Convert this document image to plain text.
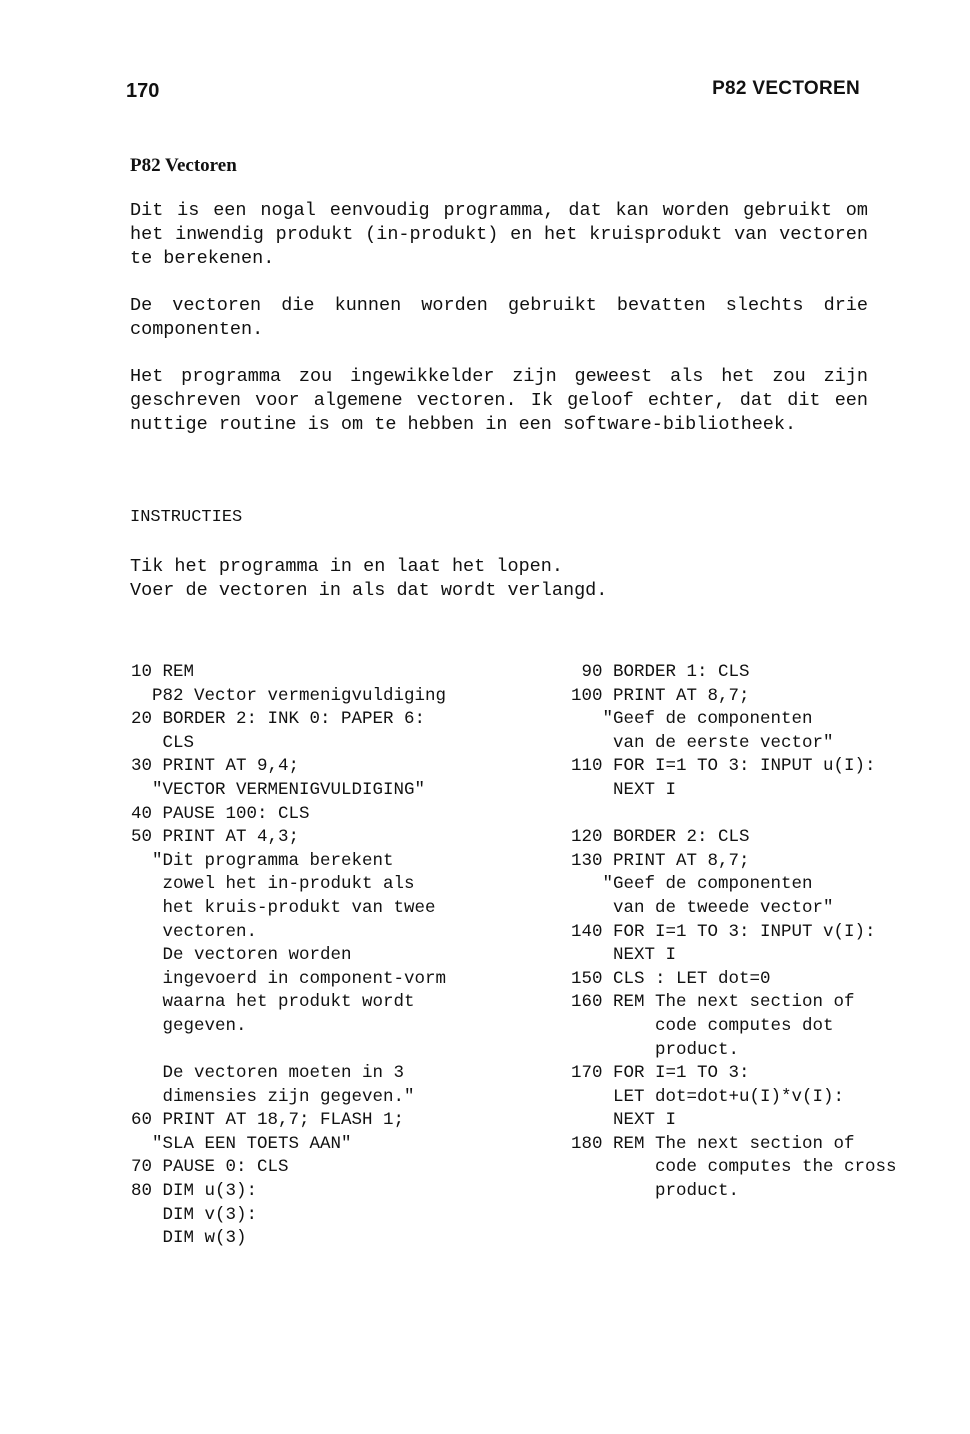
170	P82 VECTOREN
P82 Vectoren

Dit is een nogal eenvoudig programma, dat kan worden gebruikt om het inwendig produkt (in-produkt) en het kruisprodukt van vectoren te berekenen.

De vectoren die kunnen worden gebruikt bevatten slechts drie componenten.

Het programma zou ingewikkelder zijn geweest als het zou zijn geschreven voor algemene vectoren. Ik geloof echter, dat dit een nuttige routine is om te hebben in een software-bibliotheek.

INSTRUCTIES

Tik het programma in en laat het lopen.

Voer de vectoren in als dat wordt verlangd.

10 REM
P82 Vector vermenigvuldiging
20 BORDER 2: INK 0: PAPER 6:
CLS
30 PRINT AT 9,4;
"VECTOR VERMENIGVULDIGING"
40 PAUSE 100: CLS
50 PRINT AT 4,3;
"Dit programma berekent
zowel het in-produkt als
het kruis-produkt van twee
vectoren.
De vectoren worden
ingevoerd in component-vorm
waarna het produkt wordt
gegeven.

De vectoren moeten in 3
dimensies zijn gegeven."
60 PRINT AT 18,7; FLASH 1;
"SLA EEN TOETS AAN"
70 PAUSE 0: CLS
80 DIM u(3):
DIM v(3):
DIM w(3)
90 BORDER 1: CLS
100 PRINT AT 8,7;
"Geef de componenten
van de eerste vector"
110 FOR I=1 TO 3: INPUT u(I):
NEXT I

120 BORDER 2: CLS
130 PRINT AT 8,7;
"Geef de componenten
van de tweede vector"
140 FOR I=1 TO 3: INPUT v(I):
NEXT I
150 CLS : LET dot=0
160 REM The next section of
code computes dot
product.
170 FOR I=1 TO 3:
LET dot=dot+u(I)*v(I):
NEXT I
180 REM The next section of
code computes the cross
product.
